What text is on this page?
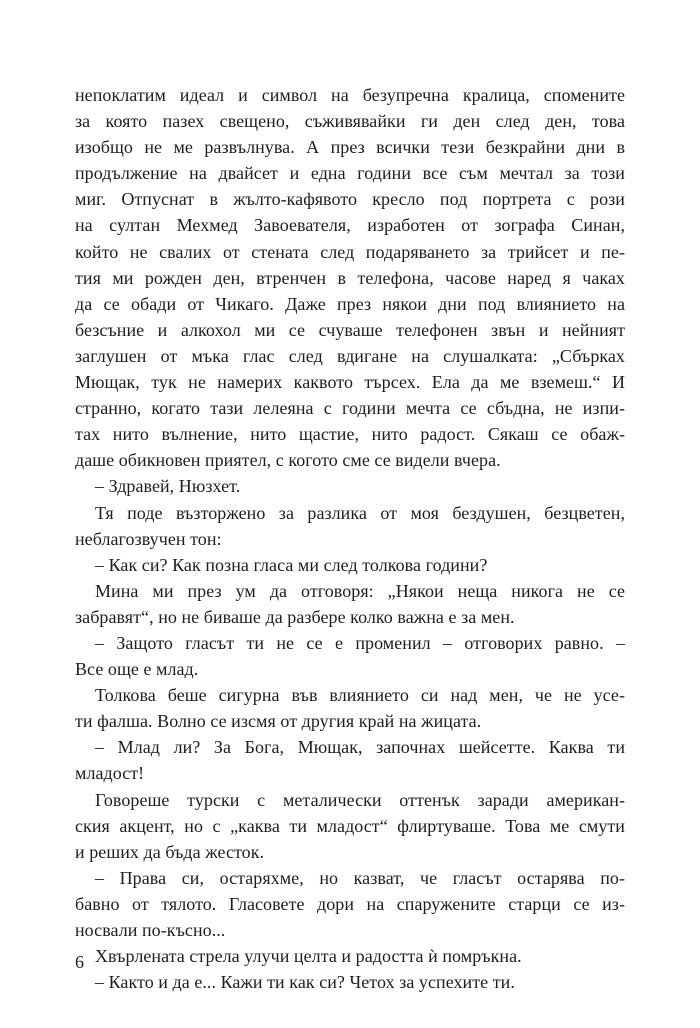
непоклатим идеал и символ на безупречна кралица, спомените
за която пазех свещено, съживявайки ги ден след ден, това
изобщо не ме развълнува. А през всички тези безкрайни дни в
продължение на двайсет и една години все съм мечтал за този
миг. Отпуснат в жълто-кафявото кресло под портрета с рози
на султан Мехмед Завоевателя, изработен от зографа Синан,
който не свалих от стената след подаряването за трийсет и пе-
тия ми рожден ден, втренчен в телефона, часове наред я чаках
да се обади от Чикаго. Даже през някои дни под влиянието на
безсъние и алкохол ми се счуваше телефонен звън и нейният
заглушен от мъка глас след вдигане на слушалката: „Сбърках
Мющак, тук не намерих каквото търсех. Ела да ме вземеш.“ И
странно, когато тази лелеяна с години мечта се сбъдна, не изпи-
тах нито вълнение, нито щастие, нито радост. Сякаш се обаж-
даше обикновен приятел, с когото сме се видели вчера.
– Здравей, Нюзхет.
Тя поде възторжено за разлика от моя бездушен, безцветен,
неблагозвучен тон:
– Как си? Как позна гласа ми след толкова години?
Мина ми през ум да отговоря: „Някои неща никога не се
забравят“, но не биваше да разбере колко важна е за мен.
– Защото гласът ти не се е променил – отговорих равно. –
Все още е млад.
Толкова беше сигурна във влиянието си над мен, че не усе-
ти фалша. Волно се изсмя от другия край на жицата.
– Млад ли? За Бога, Мющак, започнах шейсетте. Каква ти
младост!
Говореше турски с металически оттенък заради американ-
ския акцент, но с „каква ти младост“ флиртуваше. Това ме смути
и реших да бъда жесток.
– Права си, остаряхме, но казват, че гласът остарява по-
бавно от тялото. Гласовете дори на спаружените старци се из-
носвали по-късно...
Хвърлената стрела улучи целта и радостта ѝ помръкна.
– Както и да е... Кажи ти как си? Четох за успехите ти.
6
